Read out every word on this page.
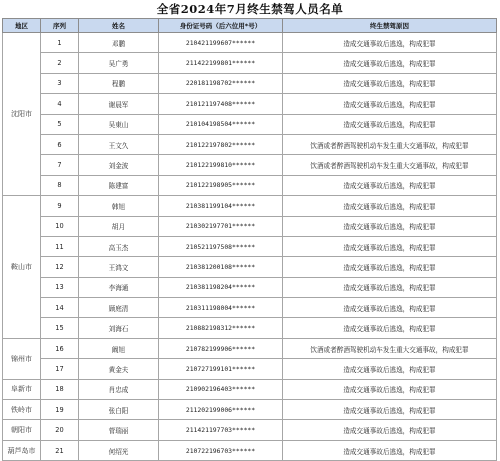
全省2024年7月终生禁驾人员名单
地区	序列	姓名	身份证号码（后六位用*号）	终生禁驾原因
沈阳市	1	邓鹏	210421199607******	造成交通事故后逃逸，构成犯罪
	2	吴广勇	211422199801******	造成交通事故后逃逸，构成犯罪
	3	程鹏	220181198702******	造成交通事故后逃逸，构成犯罪
	4	谢晨军	210121197408******	造成交通事故后逃逸，构成犯罪
	5	吴東山	210104198504******	造成交通事故后逃逸，构成犯罪
	6	王文久	210122197802******	饮酒或者醉酒驾驶机动车发生重大交通事故，构成犯罪
	7	刘金波	210122199810******	饮酒或者醉酒驾驶机动车发生重大交通事故，构成犯罪
	8	陈建富	210122198905******	造成交通事故后逃逸，构成犯罪
鞍山市	9	韩旭	210381199104******	造成交通事故后逃逸，构成犯罪
	10	胡月	210302197701******	造成交通事故后逃逸，构成犯罪
	11	高玉杰	210521197508******	造成交通事故后逃逸，构成犯罪
	12	王鸿文	210381200108******	造成交通事故后逃逸，构成犯罪
	13	李海通	210381198204******	造成交通事故后逃逸，构成犯罪
	14	顾庭清	210311198004******	造成交通事故后逃逸，构成犯罪
	15	刘海石	210882198312******	造成交通事故后逃逸，构成犯罪
锦州市	16	阚旭	210782199906******	饮酒或者醉酒驾驶机动车发生重大交通事故，构成犯罪
	17	黄金夫	210727199101******	造成交通事故后逃逸，构成犯罪
阜新市	18	肖忠成	210902196403******	造成交通事故后逃逸，构成犯罪
铁岭市	19	张白阳	211202199006******	造成交通事故后逃逸，构成犯罪
朝阳市	20	菅瑞丽	211421197703******	造成交通事故后逃逸，构成犯罪
葫芦岛市	21	何绍光	210722196703******	造成交通事故后逃逸，构成犯罪
